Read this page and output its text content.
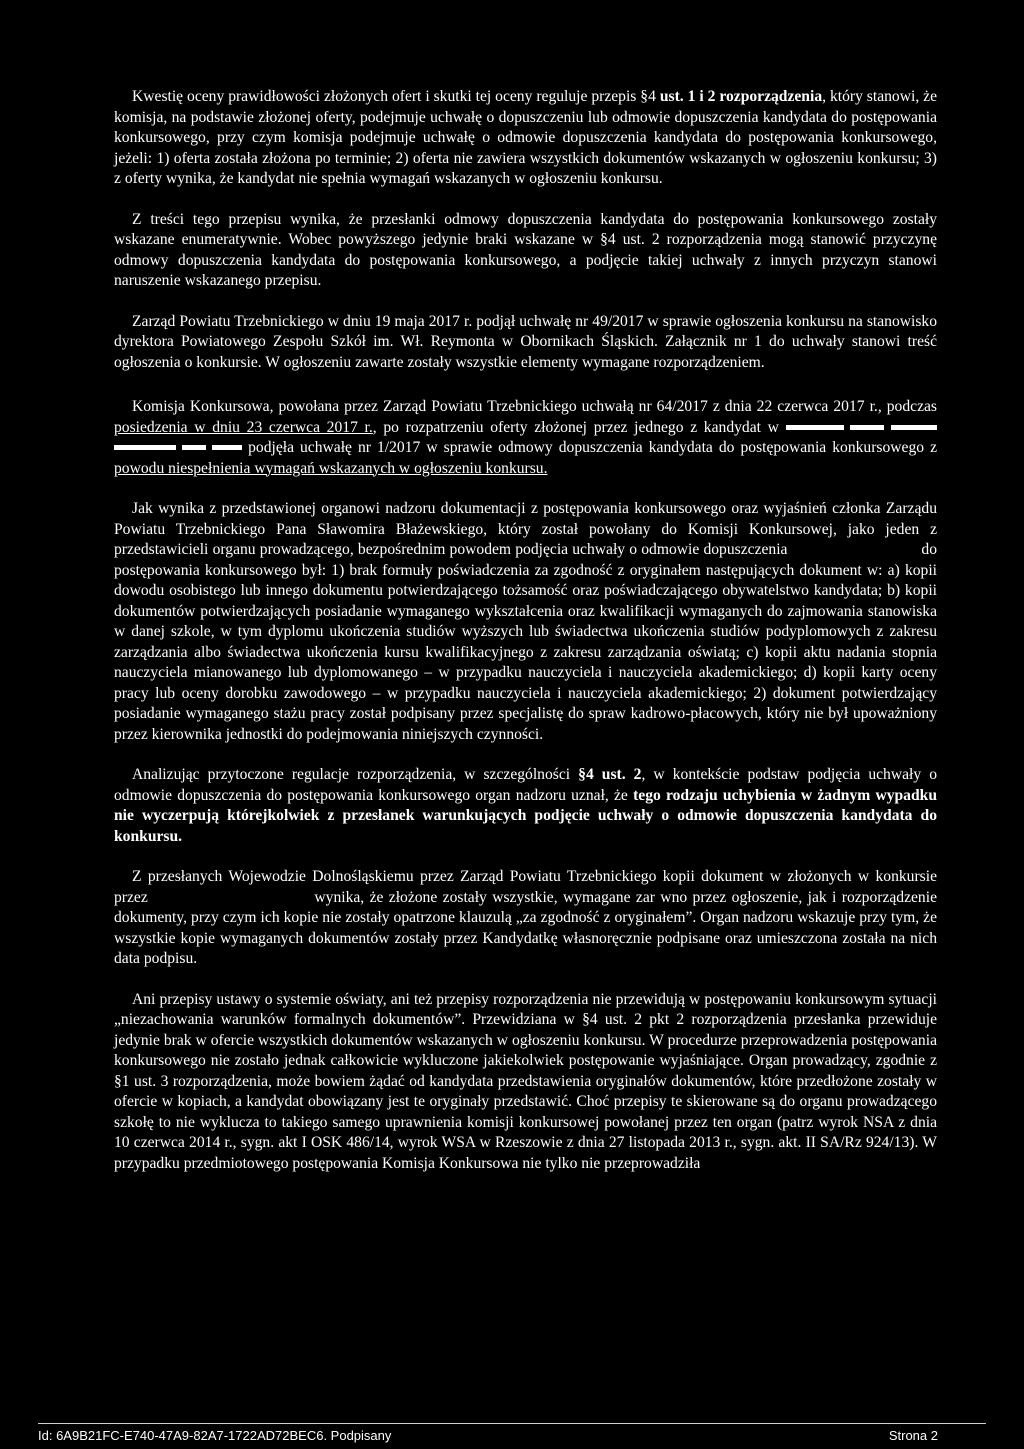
Kwestię oceny prawidłowości złożonych ofert i skutki tej oceny reguluje przepis §4 ust. 1 i 2 rozporządzenia, który stanowi, że komisja, na podstawie złożonej oferty, podejmuje uchwałę o dopuszczeniu lub odmowie dopuszczenia kandydata do postępowania konkursowego, przy czym komisja podejmuje uchwałę o odmowie dopuszczenia kandydata do postępowania konkursowego, jeżeli: 1) oferta została złożona po terminie; 2) oferta nie zawiera wszystkich dokumentów wskazanych w ogłoszeniu konkursu; 3) z oferty wynika, że kandydat nie spełnia wymagań wskazanych w ogłoszeniu konkursu.

Z treści tego przepisu wynika, że przesłanki odmowy dopuszczenia kandydata do postępowania konkursowego zostały wskazane enumeratywnie. Wobec powyższego jedynie braki wskazane w §4 ust. 2 rozporządzenia mogą stanowić przyczynę odmowy dopuszczenia kandydata do postępowania konkursowego, a podjęcie takiej uchwały z innych przyczyn stanowi naruszenie wskazanego przepisu.

Zarząd Powiatu Trzebnickiego w dniu 19 maja 2017 r. podjął uchwałę nr 49/2017 w sprawie ogłoszenia konkursu na stanowisko dyrektora Powiatowego Zespołu Szkół im. Wł. Reymonta w Obornikach Śląskich. Załącznik nr 1 do uchwały stanowi treść ogłoszenia o konkursie. W ogłoszeniu zawarte zostały wszystkie elementy wymagane rozporządzeniem.

Komisja Konkursowa, powołana przez Zarząd Powiatu Trzebnickiego uchwałą nr 64/2017 z dnia 22 czerwca 2017 r., podczas posiedzenia w dniu 23 czerwca 2017 r., po rozpatrzeniu oferty złożonej przez jednego z kandydat w       podjęła uchwałę nr 1/2017 w sprawie odmowy dopuszczenia kandydata do postępowania konkursowego z powodu niespełnienia wymagań wskazanych w ogłoszeniu konkursu.

Jak wynika z przedstawionej organowi nadzoru dokumentacji z postępowania konkursowego oraz wyjaśnień członka Zarządu Powiatu Trzebnickiego Pana Sławomira Błażewskiego, który został powołany do Komisji Konkursowej, jako jeden z przedstawicieli organu prowadzącego, bezpośrednim powodem podjęcia uchwały o odmowie dopuszczenia                                do postępowania konkursowego był: 1) brak formuły poświadczenia za zgodność z oryginałem następujących dokument w: a) kopii dowodu osobistego lub innego dokumentu potwierdzającego tożsamość oraz poświadczającego obywatelstwo kandydata; b) kopii dokumentów potwierdzających posiadanie wymaganego wykształcenia oraz kwalifikacji wymaganych do zajmowania stanowiska w danej szkole, w tym dyplomu ukończenia studiów wyższych lub świadectwa ukończenia studiów podyplomowych z zakresu zarządzania albo świadectwa ukończenia kursu kwalifikacyjnego z zakresu zarządzania oświatą; c) kopii aktu nadania stopnia nauczyciela mianowanego lub dyplomowanego – w przypadku nauczyciela i nauczyciela akademickiego; d) kopii karty oceny pracy lub oceny dorobku zawodowego – w przypadku nauczyciela i nauczyciela akademickiego; 2) dokument potwierdzający posiadanie wymaganego stażu pracy został podpisany przez specjalistę do spraw kadrowo-płacowych, który nie był upoważniony przez kierownika jednostki do podejmowania niniejszych czynności.

Analizując przytoczone regulacje rozporządzenia, w szczególności §4 ust. 2, w kontekście podstaw podjęcia uchwały o odmowie dopuszczenia do postępowania konkursowego organ nadzoru uznał, że tego rodzaju uchybienia w żadnym wypadku nie wyczerpują którejkolwiek z przesłanek warunkujących podjęcie uchwały o odmowie dopuszczenia kandydata do konkursu.

Z przesłanych Wojewodzie Dolnośląskiemu przez Zarząd Powiatu Trzebnickiego kopii dokument w złożonych w konkursie przez                               wynika, że złożone zostały wszystkie, wymagane zar wno przez ogłoszenie, jak i rozporządzenie dokumenty, przy czym ich kopie nie zostały opatrzone klauzulą „za zgodność z oryginałem”. Organ nadzoru wskazuje przy tym, że wszystkie kopie wymaganych dokumentów zostały przez Kandydatkę własnoręcznie podpisane oraz umieszczona została na nich data podpisu.

Ani przepisy ustawy o systemie oświaty, ani też przepisy rozporządzenia nie przewidują w postępowaniu konkursowym sytuacji „niezachowania warunków formalnych dokumentów”. Przewidziana w §4 ust. 2 pkt 2 rozporządzenia przesłanka przewiduje jedynie brak w ofercie wszystkich dokumentów wskazanych w ogłoszeniu konkursu. W procedurze przeprowadzenia postępowania konkursowego nie zostało jednak całkowicie wykluczone jakiekolwiek postępowanie wyjaśniające. Organ prowadzący, zgodnie z §1 ust. 3 rozporządzenia, może bowiem żądać od kandydata przedstawienia oryginałów dokumentów, które przedłożone zostały w ofercie w kopiach, a kandydat obowiązany jest te oryginały przedstawić. Choć przepisy te skierowane są do organu prowadzącego szkołę to nie wyklucza to takiego samego uprawnienia komisji konkursowej powołanej przez ten organ (patrz wyrok NSA z dnia 10 czerwca 2014 r., sygn. akt I OSK 486/14, wyrok WSA w Rzeszowie z dnia 27 listopada 2013 r., sygn. akt. II SA/Rz 924/13). W przypadku przedmiotowego postępowania Komisja Konkursowa nie tylko nie przeprowadziła

Id: 6A9B21FC-E740-47A9-82A7-1722AD72BEC6. Podpisany	Strona 2
